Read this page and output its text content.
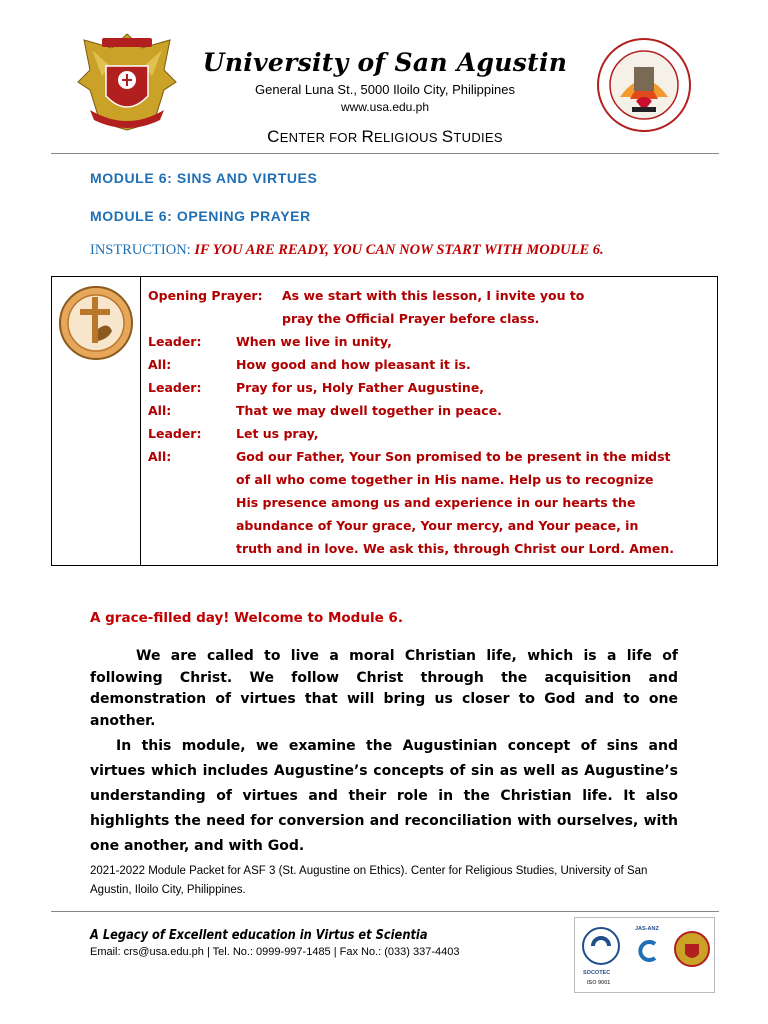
University of San Agustin
General Luna St., 5000 Iloilo City, Philippines
www.usa.edu.ph
CENTER FOR RELIGIOUS STUDIES
MODULE 6: SINS AND VIRTUES
MODULE 6: OPENING PRAYER
INSTRUCTION: IF YOU ARE READY, YOU CAN NOW START WITH MODULE 6.
Opening Prayer: As we start with this lesson, I invite you to
pray the Official Prayer before class.
Leader:	When we live in unity,
All:	How good and how pleasant it is.
Leader:	Pray for us, Holy Father Augustine,
All:	That we may dwell together in peace.
Leader:	Let us pray,
All:	God our Father, Your Son promised to be present in the midst
of all who come together in His name. Help us to recognize
His presence among us and experience in our hearts the
abundance of Your grace, Your mercy, and Your peace, in
truth and in love. We ask this, through Christ our Lord. Amen.
A grace-filled day! Welcome to Module 6.
We are called to live a moral Christian life, which is a life of following Christ. We follow Christ through the acquisition and demonstration of virtues that will bring us closer to God and to one another.
In this module, we examine the Augustinian concept of sins and virtues which includes Augustine’s concepts of sin as well as Augustine’s understanding of virtues and their role in the Christian life. It also highlights the need for conversion and reconciliation with ourselves, with one another, and with God.
2021-2022 Module Packet for ASF 3 (St. Augustine on Ethics). Center for Religious Studies, University of San Agustin, Iloilo City, Philippines.
A Legacy of Excellent education in Virtus et Scientia
Email: crs@usa.edu.ph | Tel. No.: 0999-997-1485 | Fax No.: (033) 337-4403
SOCOTEC
ISO 9001
JAS-ANZ
